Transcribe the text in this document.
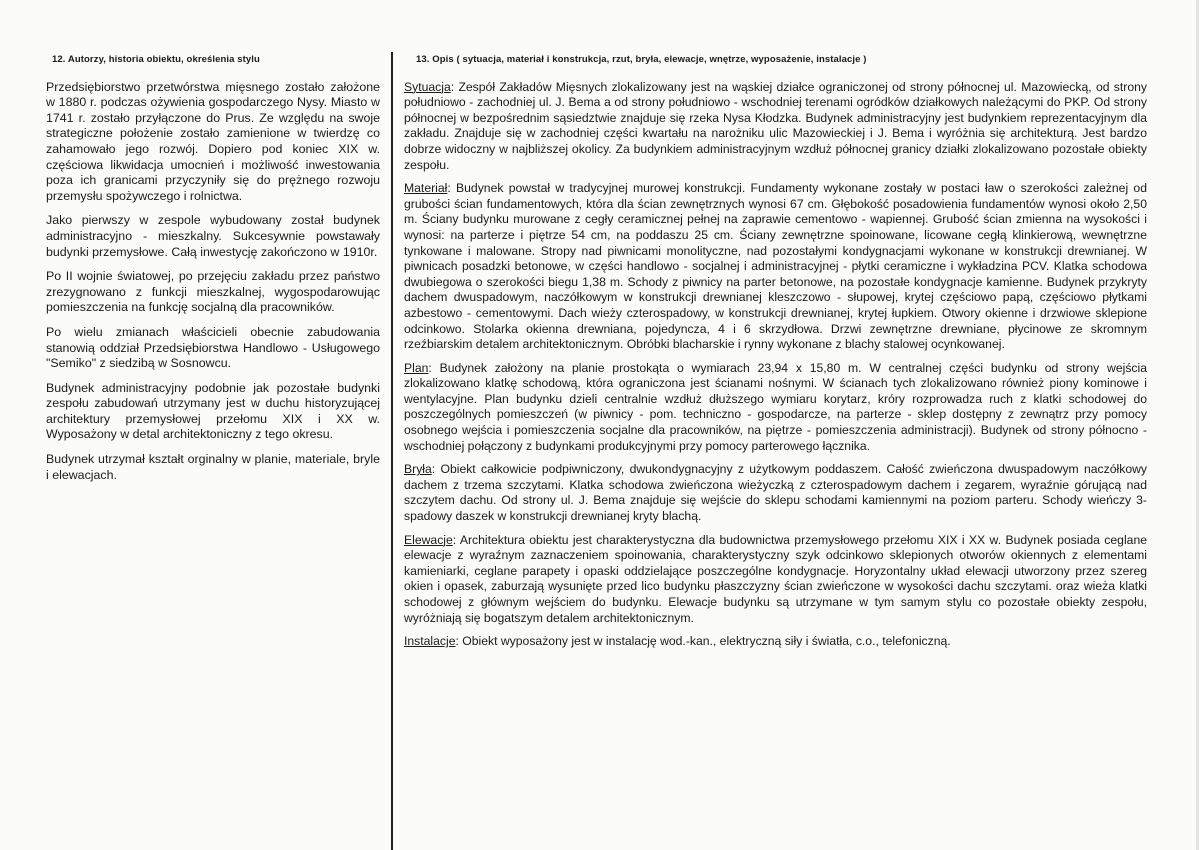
12. Autorzy, historia obiektu, określenia stylu

Przedsiębiorstwo przetwórstwa mięsnego zostało założone w 1880 r. podczas ożywienia gospodarczego Nysy. Miasto w 1741 r. zostało przyłączone do Prus. Ze względu na swoje strategiczne położenie zostało zamienione w twierdzę co zahamowało jego rozwój. Dopiero pod koniec XIX w. częściowa likwidacja umocnień i możliwość inwestowania poza ich granicami przyczyniły się do prężnego rozwoju przemysłu spożywczego i rolnictwa.

Jako pierwszy w zespole wybudowany został budynek administracyjno - mieszkalny. Sukcesywnie powstawały budynki przemysłowe. Całą inwestycję zakończono w 1910r.

Po II wojnie światowej, po przejęciu zakładu przez państwo zrezygnowano z funkcji mieszkalnej, wygospodarowując pomieszczenia na funkcję socjalną dla pracowników.

Po wielu zmianach właścicieli obecnie zabudowania stanowią oddział Przedsiębiorstwa Handlowo - Usługowego "Semiko" z siedzibą w Sosnowcu.

Budynek administracyjny podobnie jak pozostałe budynki zespołu zabudowań utrzymany jest w duchu historyzującej architektury przemysłowej przełomu XIX i XX w. Wyposażony w detal architektoniczny z tego okresu.

Budynek utrzymał kształt orginalny w planie, materiale, bryle i elewacjach.

13. Opis ( sytuacja, materiał i konstrukcja, rzut, bryła, elewacje, wnętrze, wyposażenie, instalacje )

Sytuacja: Zespół Zakładów Mięsnych zlokalizowany jest na wąskiej działce ograniczonej od strony północnej ul. Mazowiecką, od strony południowo - zachodniej ul. J. Bema a od strony południowo - wschodniej terenami ogródków działkowych należącymi do PKP. Od strony północnej w bezpośrednim sąsiedztwie znajduje się rzeka Nysa Kłodzka. Budynek administracyjny jest budynkiem reprezentacyjnym dla zakładu. Znajduje się w zachodniej części kwartału na narożniku ulic Mazowieckiej i J. Bema i wyróżnia się architekturą. Jest bardzo dobrze widoczny w najbliższej okolicy. Za budynkiem administracyjnym wzdłuż północnej granicy działki zlokalizowano pozostałe obiekty zespołu.

Materiał: Budynek powstał w tradycyjnej murowej konstrukcji. Fundamenty wykonane zostały w postaci ław o szerokości zależnej od grubości ścian fundamentowych, która dla ścian zewnętrznych wynosi 67 cm. Głębokość posadowienia fundamentów wynosi około 2,50 m. Ściany budynku murowane z cegły ceramicznej pełnej na zaprawie cementowo - wapiennej. Grubość ścian zmienna na wysokości i wynosi: na parterze i piętrze 54 cm, na poddaszu 25 cm. Ściany zewnętrzne spoinowane, licowane cegłą klinkierową, wewnętrzne tynkowane i malowane. Stropy nad piwnicami monolityczne, nad pozostałymi kondygnacjami wykonane w konstrukcji drewnianej. W piwnicach posadzki betonowe, w części handlowo - socjalnej i administracyjnej - płytki ceramiczne i wykładzina PCV. Klatka schodowa dwubiegowa o szerokości biegu 1,38 m. Schody z piwnicy na parter betonowe, na pozostałe kondygnacje kamienne. Budynek przykryty dachem dwuspadowym, naczółkowym w konstrukcji drewnianej kleszczowo - słupowej, krytej częściowo papą, częściowo płytkami azbestowo - cementowymi. Dach wieży czterospadowy, w konstrukcji drewnianej, krytej łupkiem. Otwory okienne i drzwiowe sklepione odcinkowo. Stolarka okienna drewniana, pojedyncza, 4 i 6 skrzydłowa. Drzwi zewnętrzne drewniane, płycinowe ze skromnym rzeźbiarskim detalem architektonicznym. Obróbki blacharskie i rynny wykonane z blachy stalowej ocynkowanej.

Plan: Budynek założony na planie prostokąta o wymiarach 23,94 x 15,80 m. W centralnej części budynku od strony wejścia zlokalizowano klatkę schodową, która ograniczona jest ścianami nośnymi. W ścianach tych zlokalizowano również piony kominowe i wentylacyjne. Plan budynku dzieli centralnie wzdłuż dłuższego wymiaru korytarz, króry rozprowadza ruch z klatki schodowej do poszczególnych pomieszczeń (w piwnicy - pom. techniczno - gospodarcze, na parterze - sklep dostępny z zewnątrz przy pomocy osobnego wejścia i pomieszczenia socjalne dla pracowników, na piętrze - pomieszczenia administracji). Budynek od strony północno - wschodniej połączony z budynkami produkcyjnymi przy pomocy parterowego łącznika.

Bryła: Obiekt całkowicie podpiwniczony, dwukondygnacyjny z użytkowym poddaszem. Całość zwieńczona dwuspadowym naczółkowy dachem z trzema szczytami. Klatka schodowa zwieńczona wieżyczką z czterospadowym dachem i zegarem, wyraźnie górującą nad szczytem dachu. Od strony ul. J. Bema znajduje się wejście do sklepu schodami kamiennymi na poziom parteru. Schody wieńczy 3-spadowy daszek w konstrukcji drewnianej kryty blachą.

Elewacje: Architektura obiektu jest charakterystyczna dla budownictwa przemysłowego przełomu XIX i XX w. Budynek posiada ceglane elewacje z wyraźnym zaznaczeniem spoinowania, charakterystyczny szyk odcinkowo sklepionych otworów okiennych z elementami kamieniarki, ceglane parapety i opaski oddzielające poszczególne kondygnacje. Horyzontalny układ elewacji utworzony przez szereg okien i opasek, zaburzają wysunięte przed lico budynku płaszczyzny ścian zwieńczone w wysokości dachu szczytami. oraz wieża klatki schodowej z głównym wejściem do budynku. Elewacje budynku są utrzymane w tym samym stylu co pozostałe obiekty zespołu, wyróżniają się bogatszym detalem architektonicznym.

Instalacje: Obiekt wyposażony jest w instalację wod.-kan., elektryczną siły i światła, c.o., telefoniczną.
